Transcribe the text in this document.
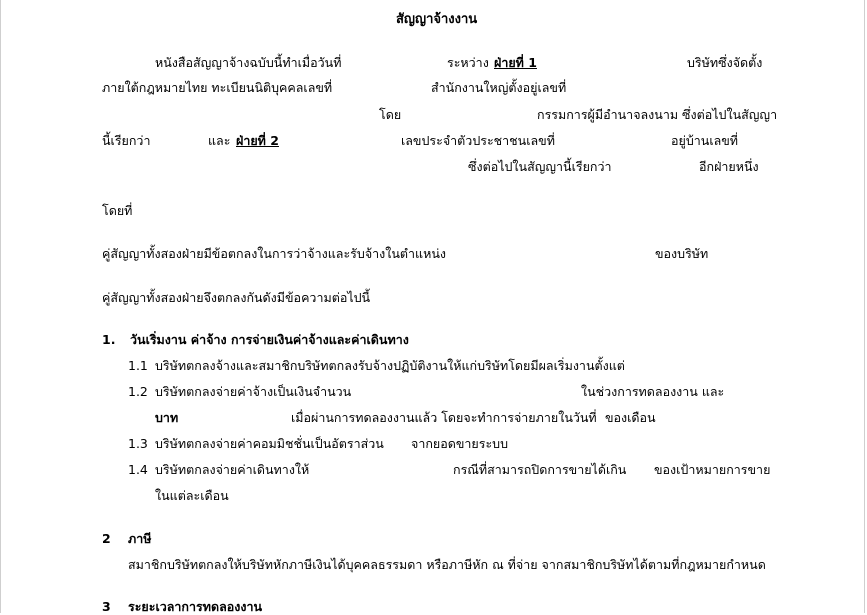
สัญญาจ้างงาน
หนังสือสัญญาจ้างฉบับนี้ทำเมื่อวันที่	ระหว่าง ฝ่ายที่ 1	บริษัทซึ่งจัดตั้ง
ภายใต้กฎหมายไทย ทะเบียนนิติบุคคลเลขที่	สำนักงานใหญ่ตั้งอยู่เลขที่
โดย	กรรมการผู้มีอำนาจลงนาม ซึ่งต่อไปในสัญญา
นี้เรียกว่า	และ ฝ่ายที่ 2	เลขประจำตัวประชาชนเลขที่	อยู่บ้านเลขที่
ซึ่งต่อไปในสัญญานี้เรียกว่า	อีกฝ่ายหนึ่ง
โดยที่
คู่สัญญาทั้งสองฝ่ายมีข้อตกลงในการว่าจ้างและรับจ้างในตำแหน่ง	ของบริษัท
คู่สัญญาทั้งสองฝ่ายจึงตกลงกันดังมีข้อความต่อไปนี้
1. วันเริ่มงาน ค่าจ้าง การจ่ายเงินค่าจ้างและค่าเดินทาง
1.1 บริษัทตกลงจ้างและสมาชิกบริษัทตกลงรับจ้างปฏิบัติงานให้แก่บริษัทโดยมีผลเริ่มงานตั้งแต่
1.2 บริษัทตกลงจ่ายค่าจ้างเป็นเงินจำนวน	ในช่วงการทดลองงาน และ
บาท	เมื่อผ่านการทดลองงานแล้ว โดยจะทำการจ่ายภายในวันที่ ของเดือน
1.3 บริษัทตกลงจ่ายค่าคอมมิชชั่นเป็นอัตราส่วน จากยอดขายระบบ
1.4 บริษัทตกลงจ่ายค่าเดินทางให้	กรณีที่สามารถปิดการขายได้เกิน ของเป้าหมายการขาย
ในแต่ละเดือน
2 ภาษี
สมาชิกบริษัทตกลงให้บริษัทหักภาษีเงินได้บุคคลธรรมดา หรือภาษีหัก ณ ที่จ่าย จากสมาชิกบริษัทได้ตามที่กฎหมายกำหนด
3 ระยะเวลาการทดลองงาน
